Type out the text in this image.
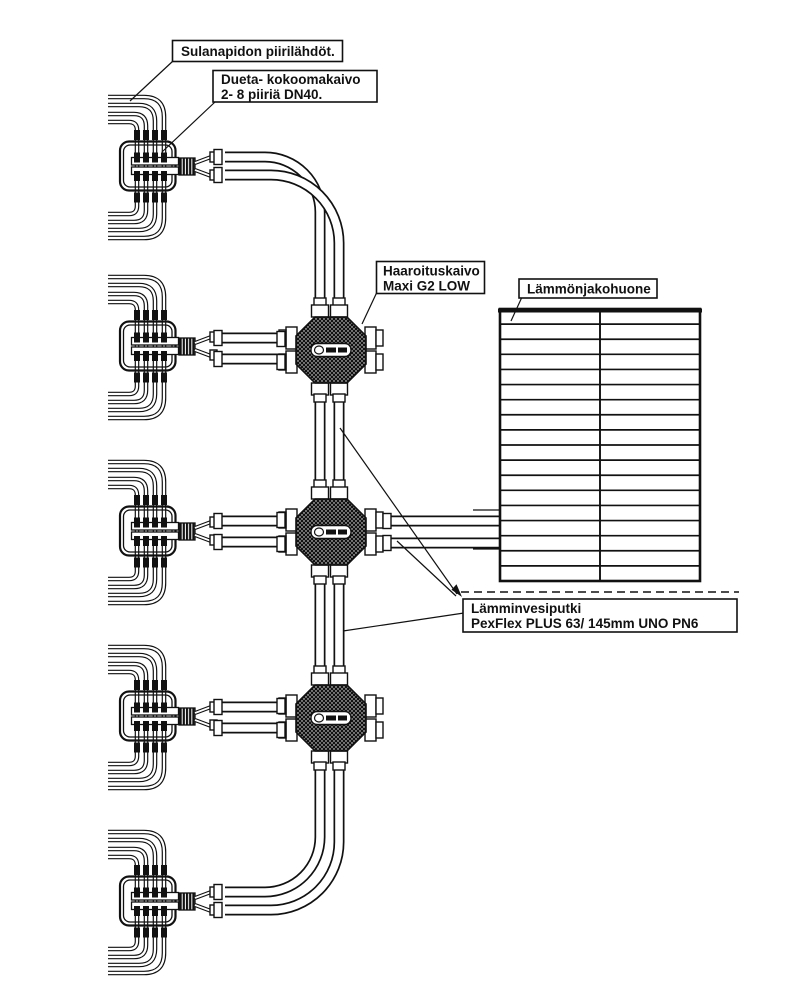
Sulanapidon piirilähdöt.
Dueta- kokoomakaivo
2- 8 piiriä DN40.
Haaroituskaivo
Maxi G2 LOW	Lämmönjakohuone
Lämminvesiputki
PexFlex PLUS 63/ 145mm UNO PN6
